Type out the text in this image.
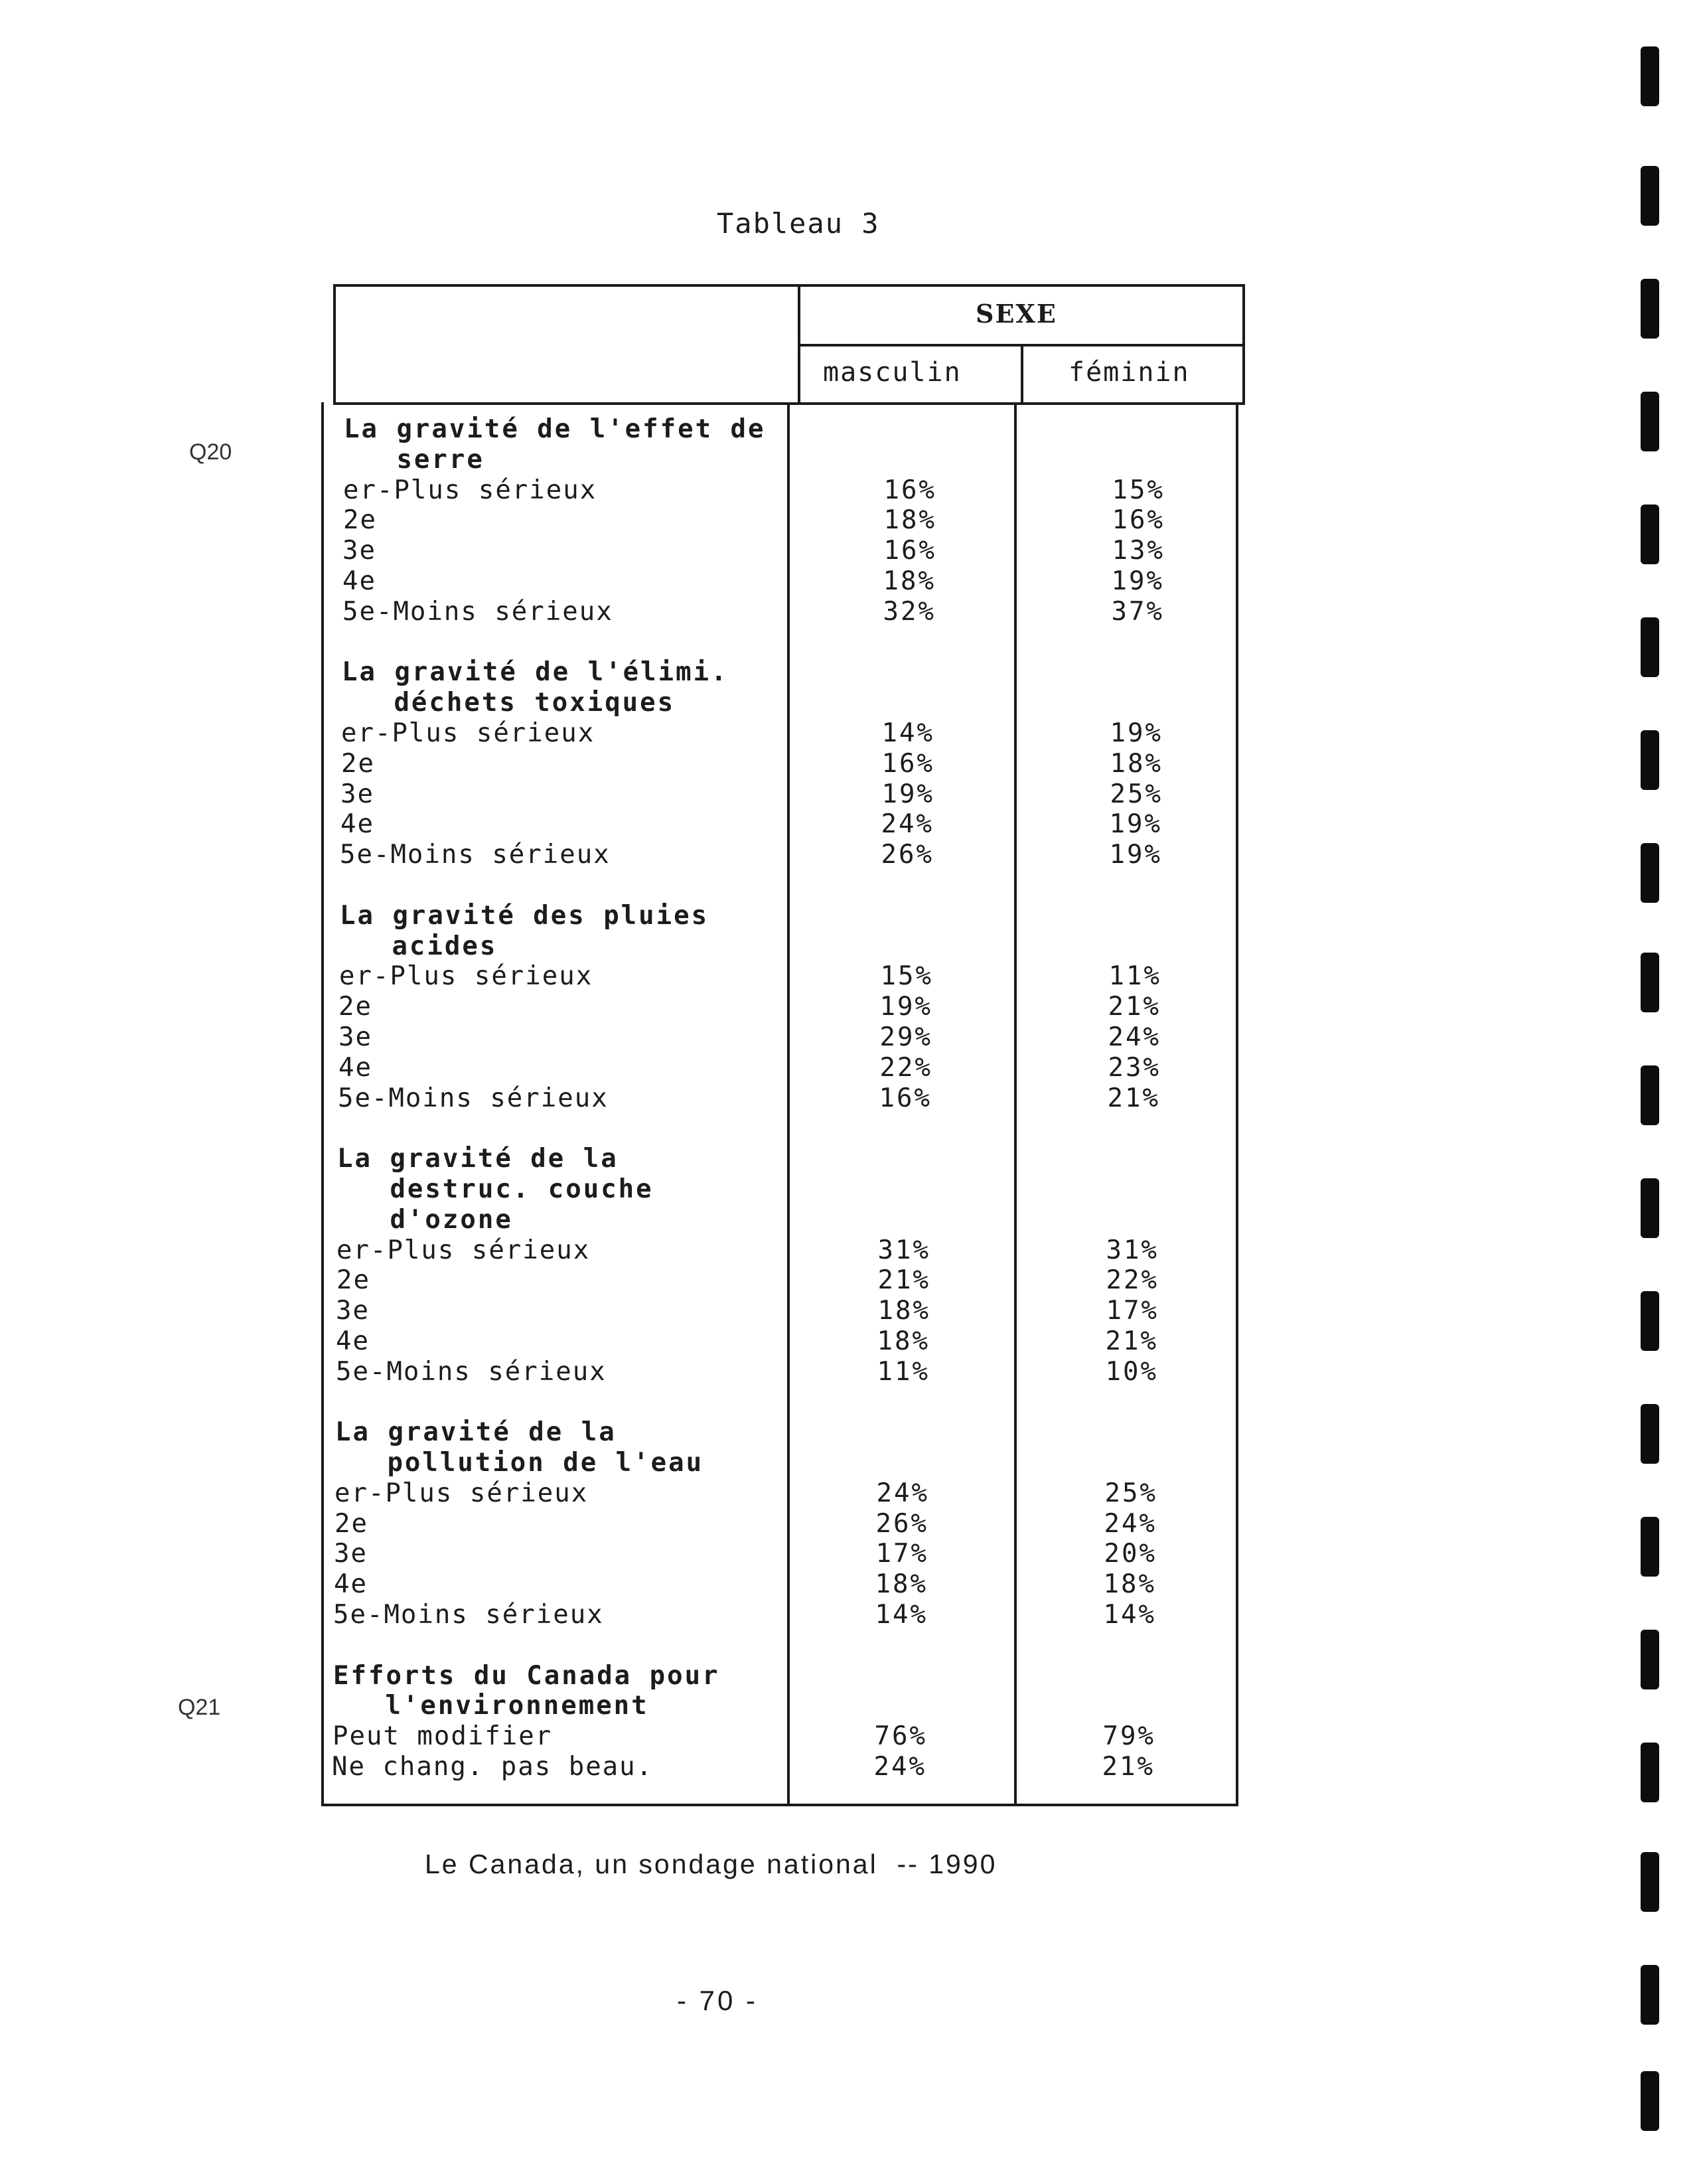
Tableau 3
Q20
Q21
SEXE
masculin	féminin
La gravité de l'effet de
serre
er-Plus sérieux	16%	15%
2e	18%	16%
3e	16%	13%
4e	18%	19%
5e-Moins sérieux	32%	37%
La gravité de l'élimi.
déchets toxiques
er-Plus sérieux	14%	19%
2e	16%	18%
3e	19%	25%
4e	24%	19%
5e-Moins sérieux	26%	19%
La gravité des pluies
acides
er-Plus sérieux	15%	11%
2e	19%	21%
3e	29%	24%
4e	22%	23%
5e-Moins sérieux	16%	21%
La gravité de la
destruc. couche
d'ozone
er-Plus sérieux	31%	31%
2e	21%	22%
3e	18%	17%
4e	18%	21%
5e-Moins sérieux	11%	10%
La gravité de la
pollution de l'eau
er-Plus sérieux	24%	25%
2e	26%	24%
3e	17%	20%
4e	18%	18%
5e-Moins sérieux	14%	14%
Efforts du Canada pour
l'environnement
Peut modifier	76%	79%
Ne chang. pas beau.	24%	21%
Le Canada, un sondage national  -- 1990
- 70 -
